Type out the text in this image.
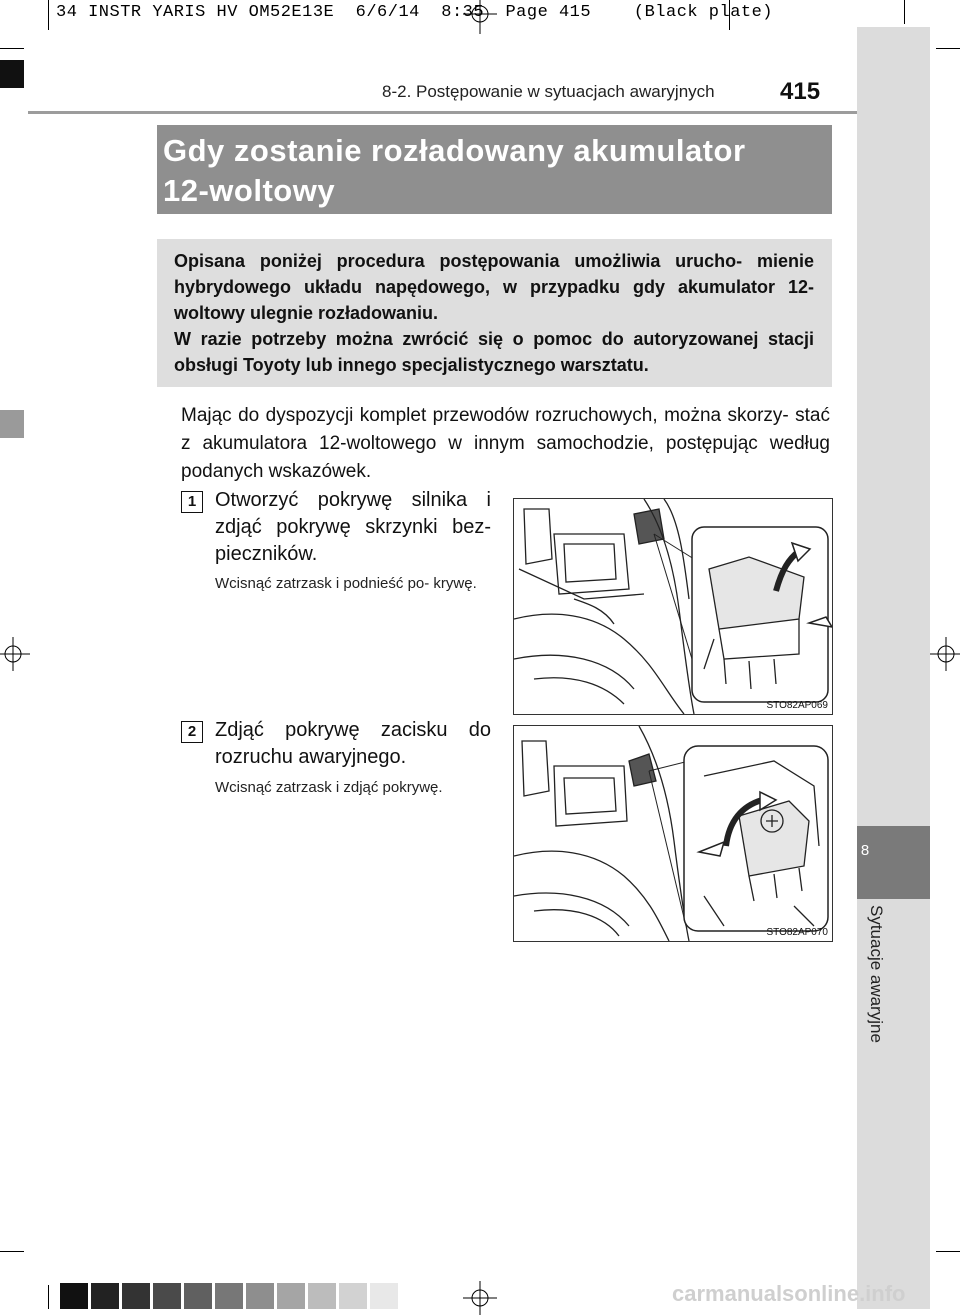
34 INSTR YARIS HV OM52E13E  6/6/14  8:35  Page 415    (Black plate)
8
Sytuacje awaryjne
8-2. Postępowanie w sytuacjach awaryjnych	415
Gdy zostanie rozładowany akumulator
12-woltowy

Opisana poniżej procedura postępowania umożliwia urucho- mienie hybrydowego układu napędowego, w przypadku gdy akumulator 12-woltowy ulegnie rozładowaniu.

W razie potrzeby można zwrócić się o pomoc do autoryzowanej stacji obsługi Toyoty lub innego specjalistycznego warsztatu.

Mając do dyspozycji komplet przewodów rozruchowych, można skorzy- stać z akumulatora 12-woltowego w innym samochodzie, postępując według podanych wskazówek.
1 Otworzyć pokrywę silnika i zdjąć pokrywę skrzynki bez- pieczników.
Wcisnąć zatrzask i podnieść po- krywę.
STO82AP069
2 Zdjąć pokrywę zacisku do rozruchu awaryjnego.
Wcisnąć zatrzask i zdjąć pokrywę.
STO82AP070
carmanualsonline.info
